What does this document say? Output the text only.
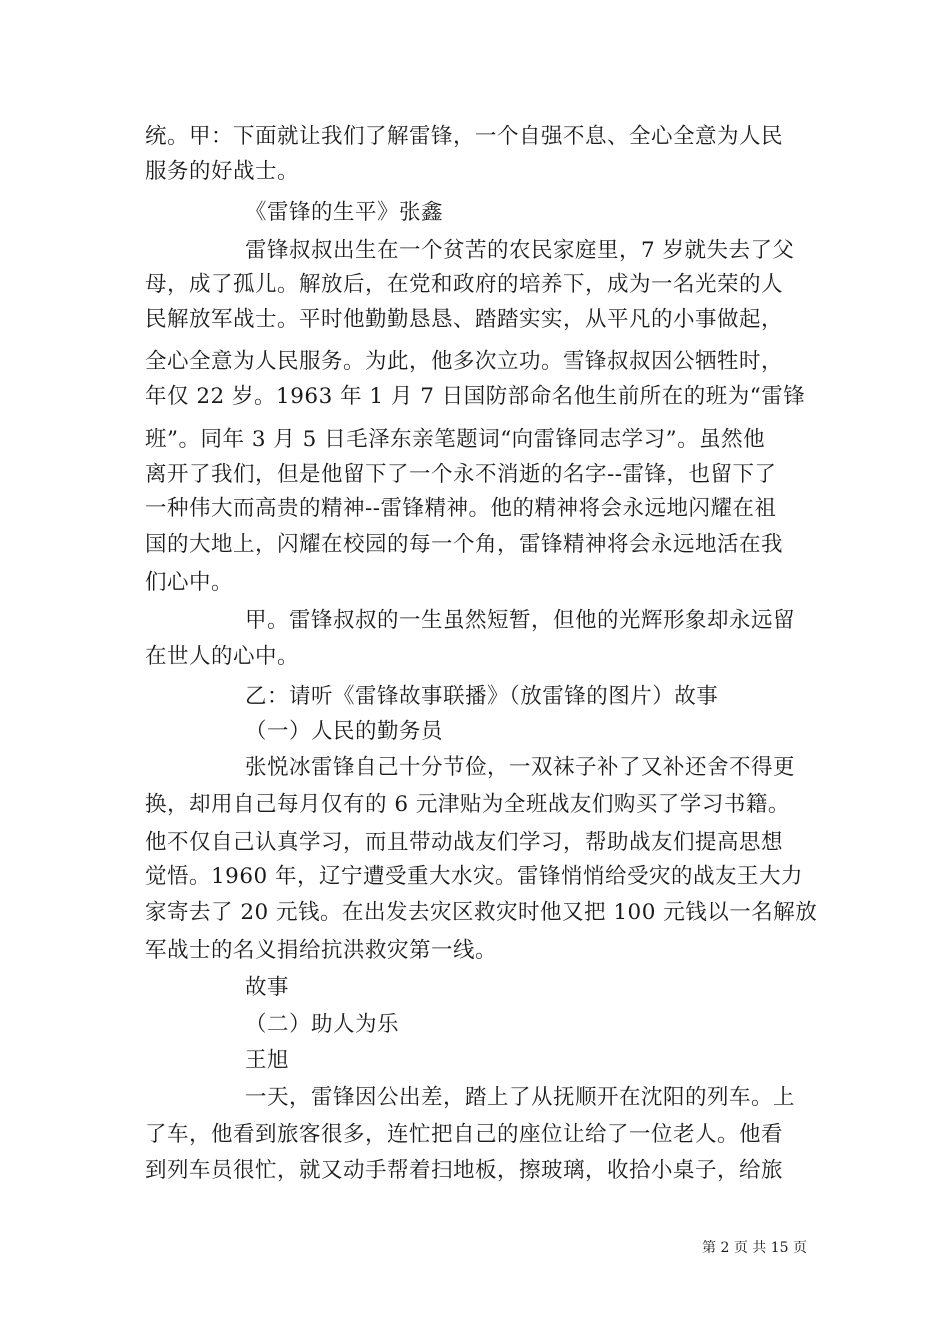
统。甲：下面就让我们了解雷锋，一个自强不息、全心全意为人民
服务的好战士。
《雷锋的生平》张鑫
雷锋叔叔出生在一个贫苦的农民家庭里，7 岁就失去了父
母，成了孤儿。解放后，在党和政府的培养下，成为一名光荣的人
民解放军战士。平时他勤勤恳恳、踏踏实实，从平凡的小事做起，
全心全意为人民服务。为此，他多次立功。雪锋叔叔因公牺牲时，
年仅 22 岁。1963 年 1 月 7 日国防部命名他生前所在的班为“雷锋
班”。同年 3 月 5 日毛泽东亲笔题词“向雷锋同志学习”。虽然他
离开了我们，但是他留下了一个永不消逝的名字--雷锋，也留下了
一种伟大而高贵的精神--雷锋精神。他的精神将会永远地闪耀在祖
国的大地上，闪耀在校园的每一个角，雷锋精神将会永远地活在我
们心中。
甲。雷锋叔叔的一生虽然短暂，但他的光辉形象却永远留
在世人的心中。
乙：请听《雷锋故事联播》（放雷锋的图片）故事
（一）人民的勤务员
张悦冰雷锋自己十分节俭，一双袜子补了又补还舍不得更
换，却用自己每月仅有的 6 元津贴为全班战友们购买了学习书籍。
他不仅自己认真学习，而且带动战友们学习，帮助战友们提高思想
觉悟。1960 年，辽宁遭受重大水灾。雷锋悄悄给受灾的战友王大力
家寄去了 20 元钱。在出发去灾区救灾时他又把 100 元钱以一名解放
军战士的名义捐给抗洪救灾第一线。
故事
（二）助人为乐
王旭
一天，雷锋因公出差，踏上了从抚顺开在沈阳的列车。上
了车，他看到旅客很多，连忙把自己的座位让给了一位老人。他看
到列车员很忙，就又动手帮着扫地板，擦玻璃，收拾小桌子，给旅
第 2 页 共 15 页
